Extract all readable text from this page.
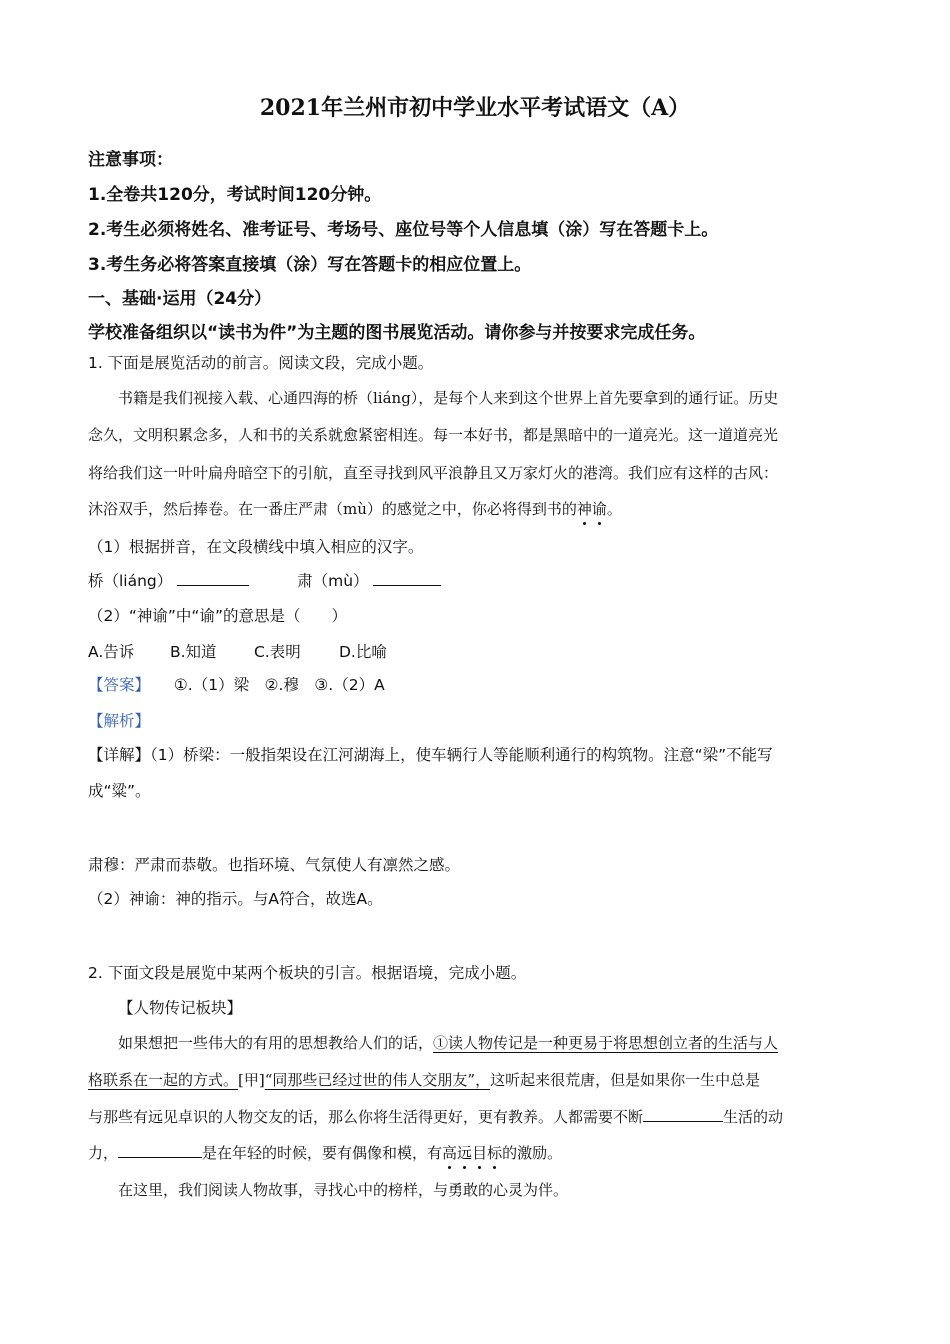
2021年兰州市初中学业水平考试语文（A）
注意事项：
1.全卷共120分，考试时间120分钟。
2.考生必须将姓名、准考证号、考场号、座位号等个人信息填（涂）写在答题卡上。
3.考生务必将答案直接填（涂）写在答题卡的相应位置上。
一、基础·运用（24分）
学校准备组织以“读书为件”为主题的图书展览活动。请你参与并按要求完成任务。
1. 下面是展览活动的前言。阅读文段，完成小题。
书籍是我们视接入载、心通四海的桥（liáng），是每个人来到这个世界上首先要拿到的通行证。历史
念久，文明积累念多，人和书的关系就愈紧密相连。每一本好书，都是黑暗中的一道亮光。这一道道亮光
将给我们这一叶叶扁舟暗空下的引航，直至寻找到风平浪静且又万家灯火的港湾。我们应有这样的古风：
沐浴双手，然后捧卷。在一番庄严肃（mù）的感觉之中，你必将得到书的神谕。
（1）根据拼音，在文段横线中填入相应的汉字。
桥（liáng）	肃（mù）
（2）“神谕”中“谕”的意思是（　　）
A.告诉 B.知道 C.表明 D.比喻
【答案】 ①.（1）梁　②.穆　③.（2）A
【解析】
【详解】（1）桥梁：一般指架设在江河湖海上，使车辆行人等能顺利通行的构筑物。注意“梁”不能写
成“粱”。
肃穆：严肃而恭敬。也指环境、气氛使人有凛然之感。
（2）神谕：神的指示。与A符合，故选A。
2. 下面文段是展览中某两个板块的引言。根据语境，完成小题。
【人物传记板块】
如果想把一些伟大的有用的思想教给人们的话，①读人物传记是一种更易于将思想创立者的生活与人
格联系在一起的方式。[甲]“同那些已经过世的伟人交朋友”，这听起来很荒唐，但是如果你一生中总是
与那些有远见卓识的人物交友的话，那么你将生活得更好，更有教养。人都需要不断	生活的动
力，	是在年轻的时候，要有偶像和模，有高远目标的激励。
在这里，我们阅读人物故事，寻找心中的榜样，与勇敢的心灵为伴。
